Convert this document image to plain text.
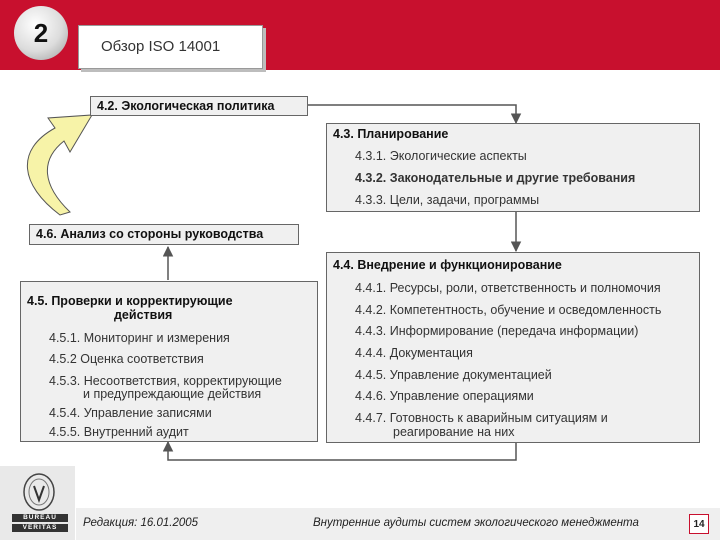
2	Обзор ISO 14001
4.2. Экологическая политика
4.3. Планирование
4.3.1. Экологические аспекты
4.3.2. Законодательные и другие требования
4.3.3. Цели, задачи, программы
4.6. Анализ со стороны руководства
4.4. Внедрение и функционирование
4.4.1. Ресурсы, роли, ответственность и полномочия
4.4.2. Компетентность, обучение и осведомленность
4.4.3. Информирование (передача информации)
4.4.4. Документация
4.4.5. Управление документацией
4.4.6. Управление операциями
4.4.7. Готовность к аварийным ситуациям и
реагирование на них
4.5. Проверки и корректирующие
действия
4.5.1. Мониторинг и измерения
4.5.2 Оценка соответствия
4.5.3. Несоответствия, корректирующие
и предупреждающие действия
4.5.4. Управление записями
4.5.5. Внутренний аудит
BUREAU
VERITAS	Редакция: 16.01.2005	Внутренние аудиты систем экологического менеджмента	14
